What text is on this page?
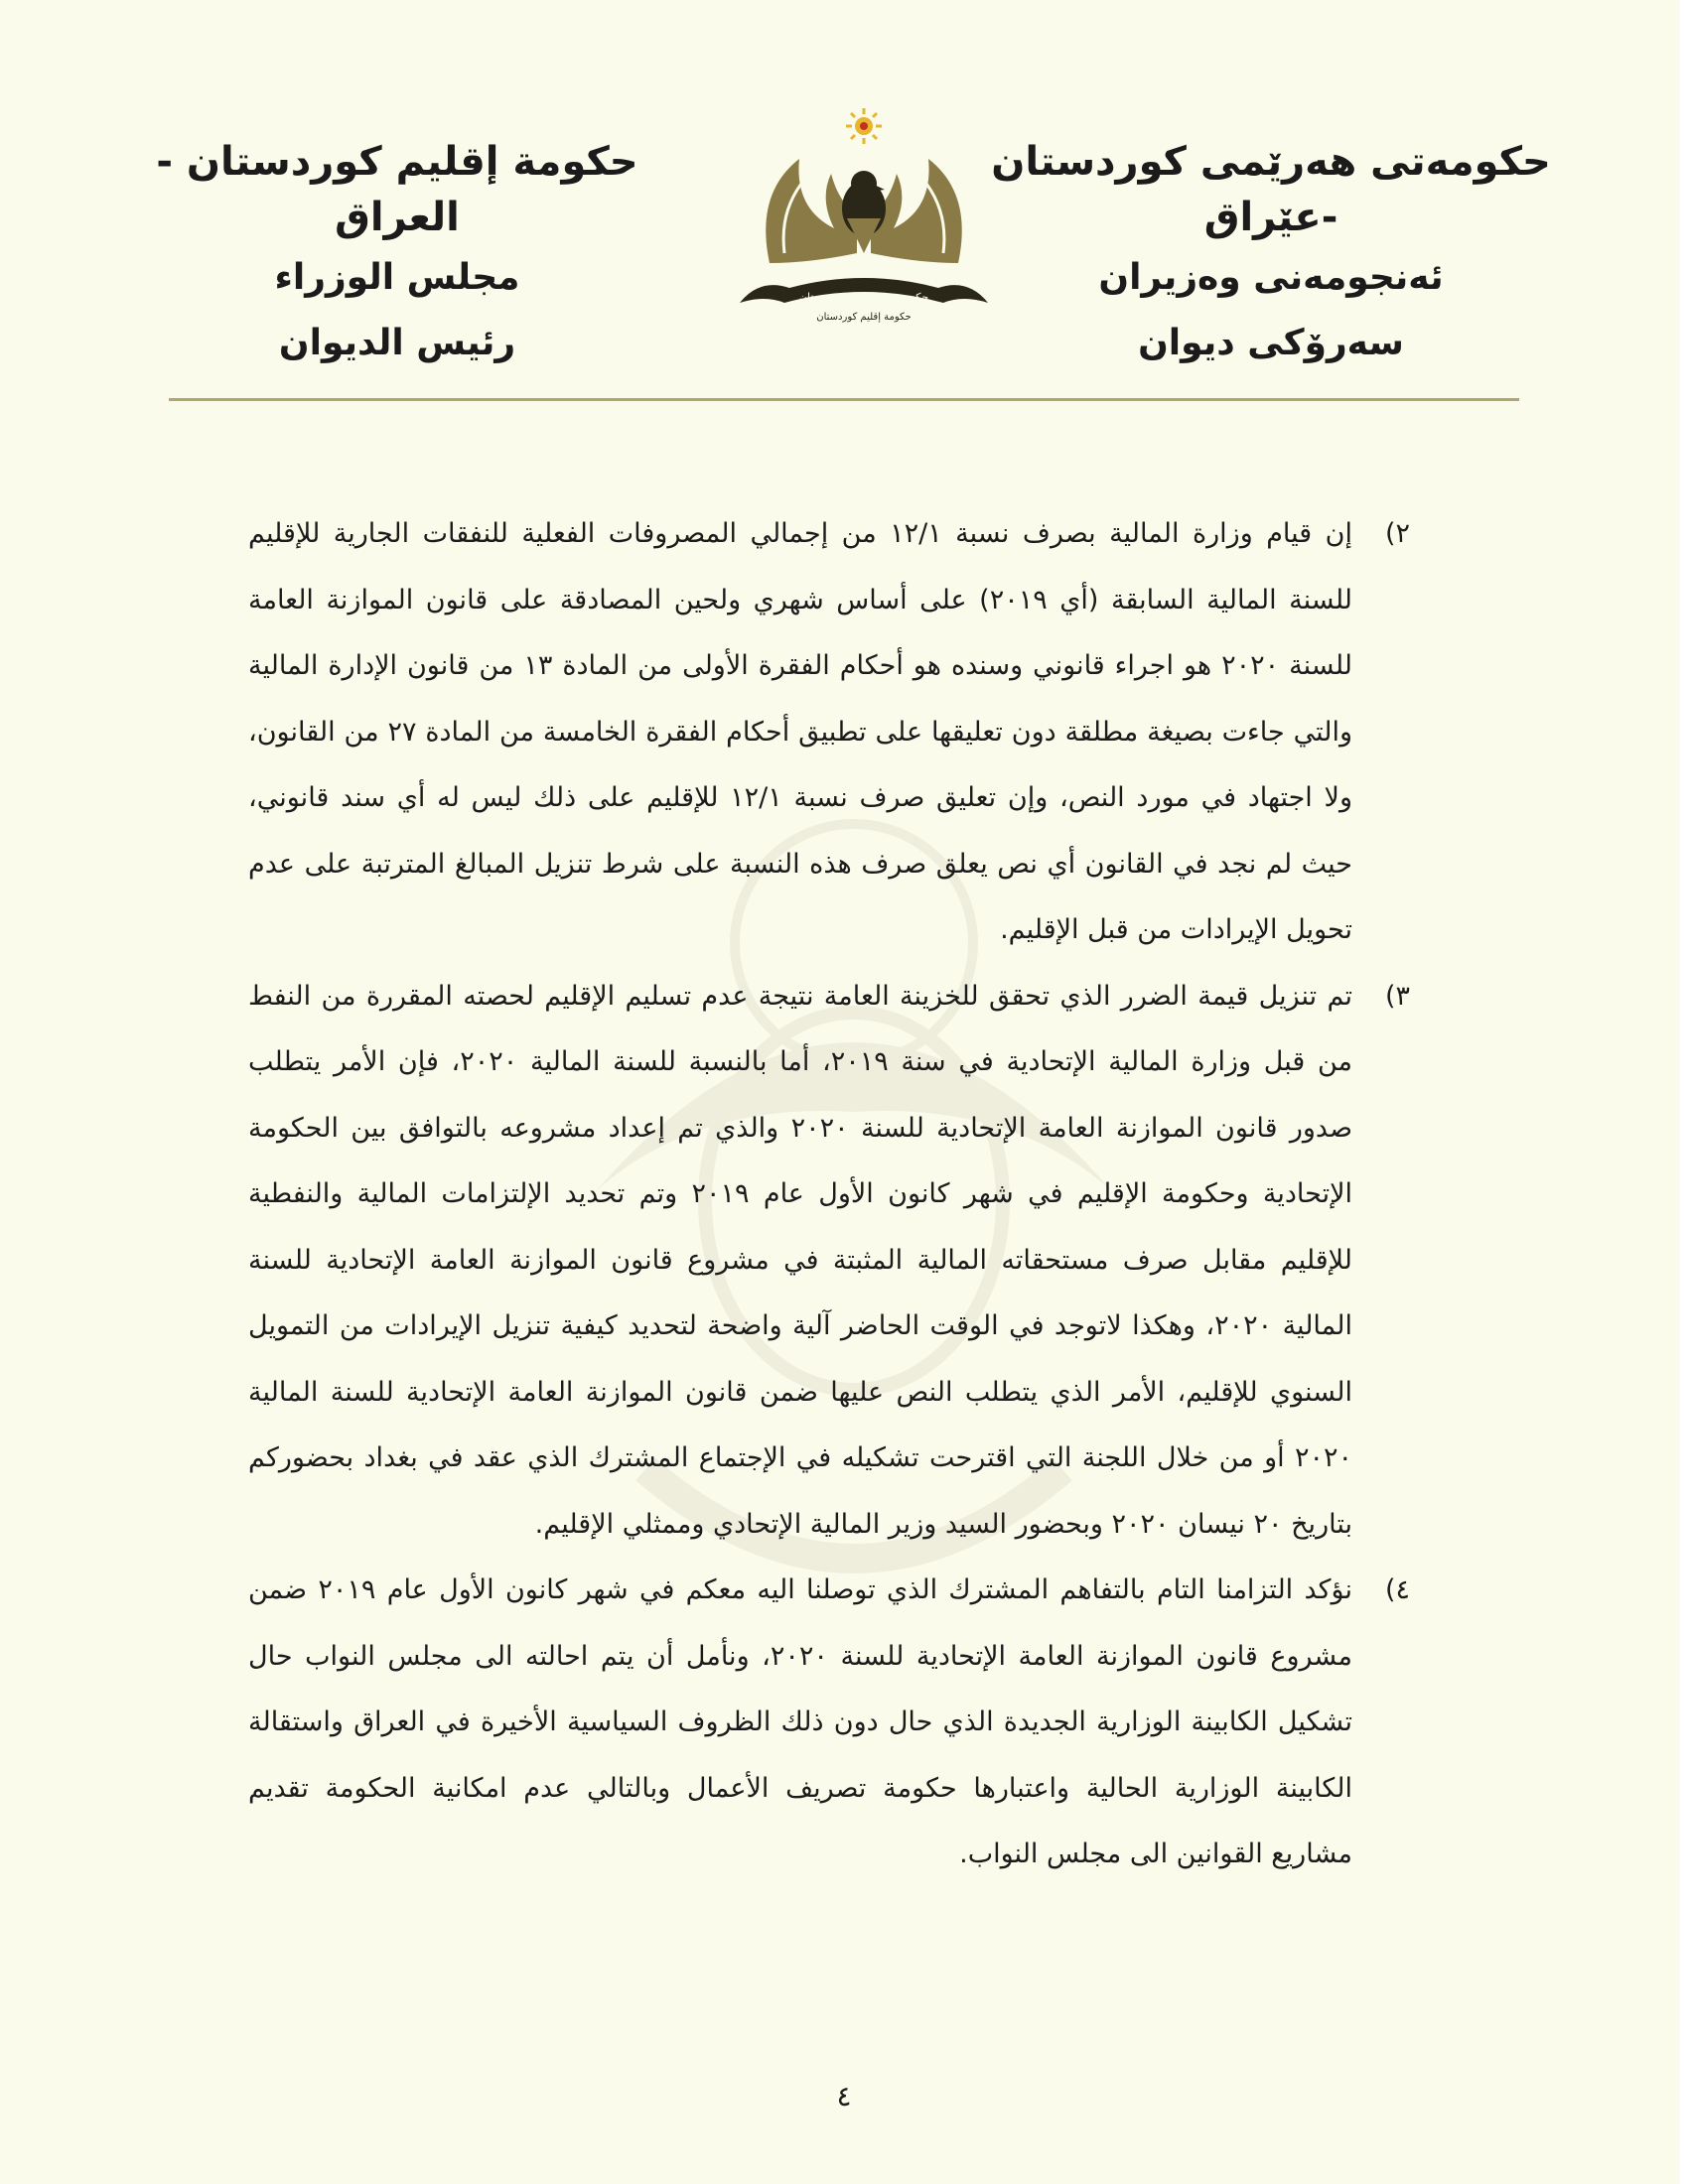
حکومەتی هەرێمی کوردستان -عێراق
ئەنجومەنی وەزیران
سەرۆکی دیوان
حکومەتی هەرێمی کوردستان
حكومة إقليم كوردستان
حكومة إقليم كوردستان - العراق
مجلس الوزراء
رئيس الديوان
٢)
إن قيام وزارة المالية بصرف نسبة ١٢/١ من إجمالي المصروفات الفعلية للنفقات الجارية للإقليم للسنة المالية السابقة (أي ٢٠١٩) على أساس شهري ولحين المصادقة على قانون الموازنة العامة للسنة ٢٠٢٠ هو اجراء قانوني وسنده هو أحكام الفقرة الأولى من المادة ١٣ من قانون الإدارة المالية والتي جاءت بصيغة مطلقة دون تعليقها على تطبيق أحكام الفقرة الخامسة من المادة ٢٧ من القانون، ولا اجتهاد في مورد النص، وإن تعليق صرف نسبة ١٢/١ للإقليم على ذلك ليس له أي سند قانوني، حيث لم نجد في القانون أي نص يعلق صرف هذه النسبة على شرط تنزيل المبالغ المترتبة على عدم تحويل الإيرادات من قبل الإقليم.
٣)
تم تنزيل قيمة الضرر الذي تحقق للخزينة العامة نتيجة عدم تسليم الإقليم لحصته المقررة من النفط من قبل وزارة المالية الإتحادية في سنة ٢٠١٩، أما بالنسبة للسنة المالية ٢٠٢٠، فإن الأمر يتطلب صدور قانون الموازنة العامة الإتحادية للسنة ٢٠٢٠ والذي تم إعداد مشروعه بالتوافق بين الحكومة الإتحادية وحكومة الإقليم في شهر كانون الأول عام ٢٠١٩ وتم تحديد الإلتزامات المالية والنفطية للإقليم مقابل صرف مستحقاته المالية المثبتة في مشروع قانون الموازنة العامة الإتحادية للسنة المالية ٢٠٢٠، وهكذا لاتوجد في الوقت الحاضر آلية واضحة لتحديد كيفية تنزيل الإيرادات من التمويل السنوي للإقليم، الأمر الذي يتطلب النص عليها ضمن قانون الموازنة العامة الإتحادية للسنة المالية ٢٠٢٠ أو من خلال اللجنة التي اقترحت تشكيله في الإجتماع المشترك الذي عقد في بغداد بحضوركم بتاريخ ٢٠ نيسان ٢٠٢٠ وبحضور السيد وزير المالية الإتحادي وممثلي الإقليم.
٤)
نؤكد التزامنا التام بالتفاهم المشترك الذي توصلنا اليه معكم في شهر كانون الأول عام ٢٠١٩ ضمن مشروع قانون الموازنة العامة الإتحادية للسنة ٢٠٢٠، ونأمل أن يتم احالته الى مجلس النواب حال تشكيل الكابينة الوزارية الجديدة الذي حال دون ذلك الظروف السياسية الأخيرة في العراق واستقالة الكابينة الوزارية الحالية واعتبارها حكومة تصريف الأعمال وبالتالي عدم امكانية الحكومة تقديم مشاريع القوانين الى مجلس النواب.
٤
